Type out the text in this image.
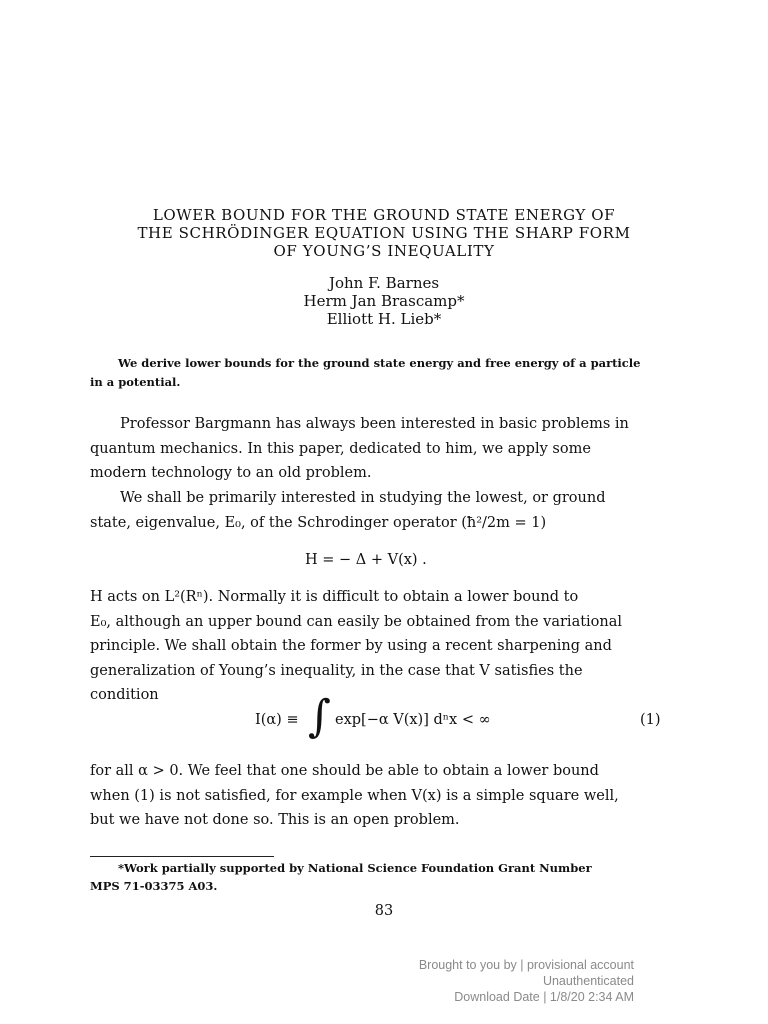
LOWER BOUND FOR THE GROUND STATE ENERGY OF
THE SCHRÖDINGER EQUATION USING THE SHARP FORM
OF YOUNG’S INEQUALITY
John F. Barnes
Herm Jan Brascamp*
Elliott H. Lieb*
We derive lower bounds for the ground state energy and free energy of a particle
in a potential.
Professor Bargmann has always been interested in basic problems in
quantum mechanics. In this paper, dedicated to him, we apply some
modern technology to an old problem.
We shall be primarily interested in studying the lowest, or ground
state, eigenvalue, E₀, of the Schrodinger operator (ħ²/2m = 1)
H = − Δ + V(x) .
H acts on L²(Rⁿ). Normally it is difficult to obtain a lower bound to
E₀, although an upper bound can easily be obtained from the variational
principle. We shall obtain the former by using a recent sharpening and
generalization of Young’s inequality, in the case that V satisfies the
condition
I(α) ≡ ∫ exp[−α V(x)] dⁿx < ∞	(1)
for all α > 0. We feel that one should be able to obtain a lower bound
when (1) is not satisfied, for example when V(x) is a simple square well,
but we have not done so. This is an open problem.
*Work partially supported by National Science Foundation Grant Number
MPS 71-03375 A03.
83
Brought to you by | provisional account
Unauthenticated
Download Date | 1/8/20 2:34 AM
